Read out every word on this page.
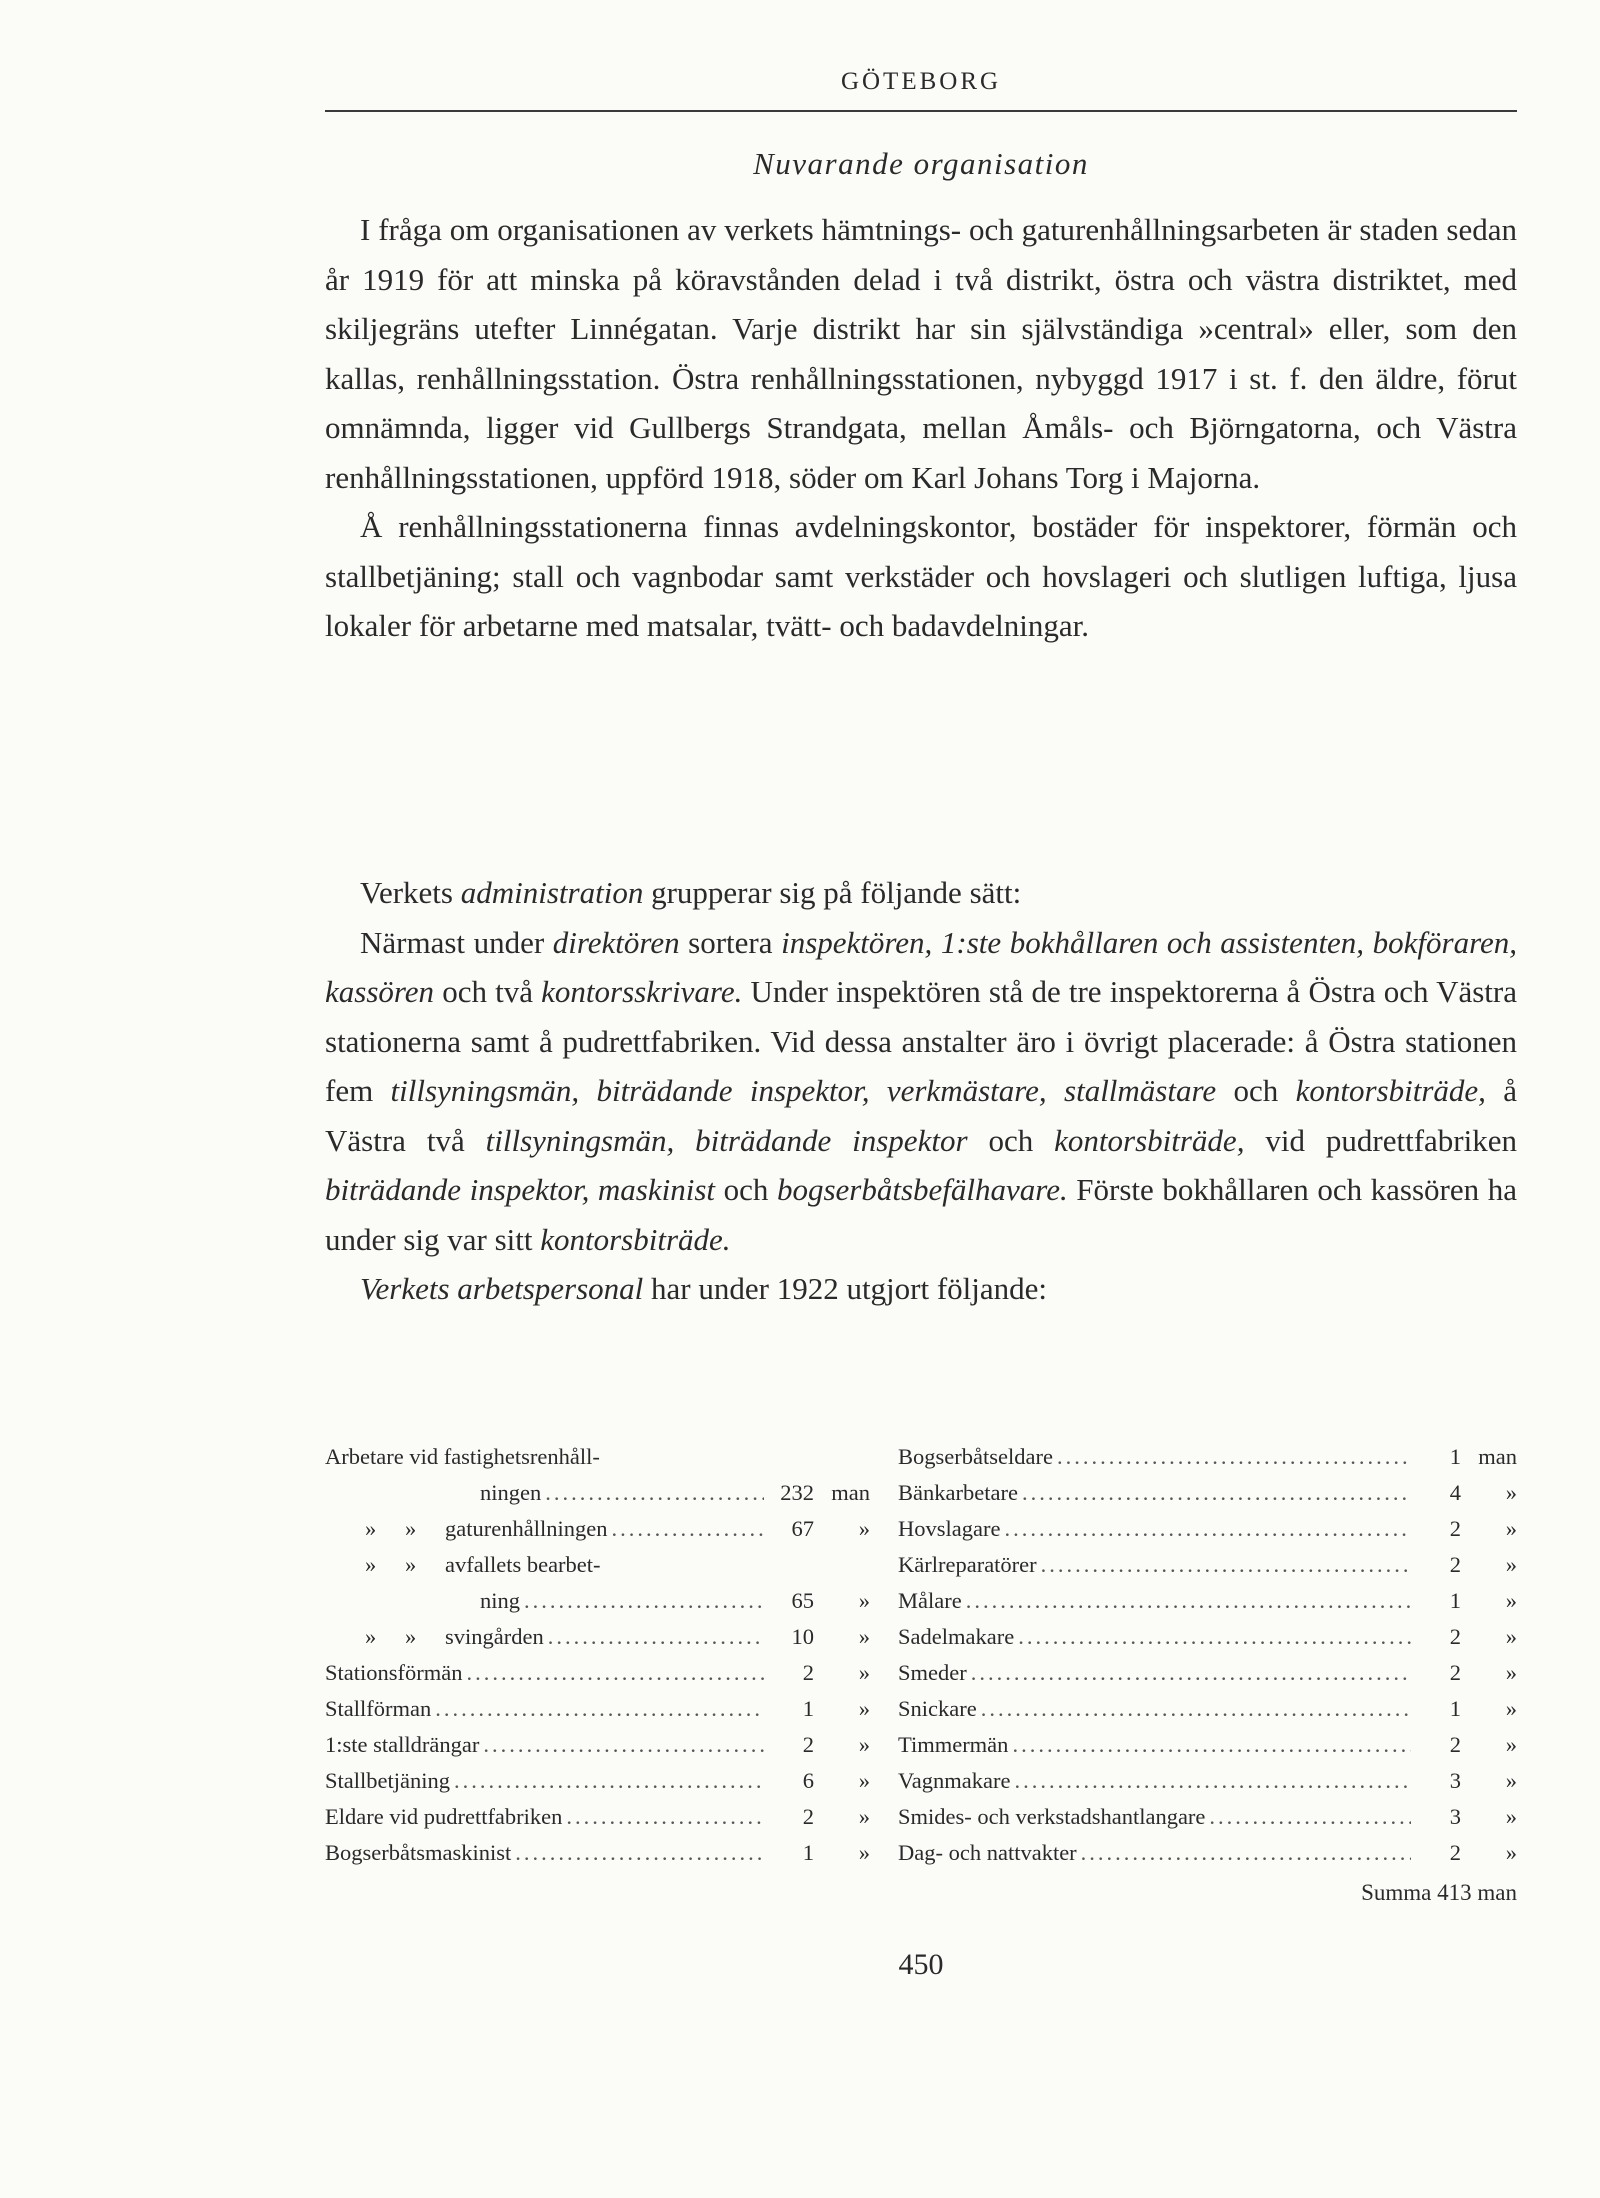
GÖTEBORG
Nuvarande organisation

I fråga om organisationen av verkets hämtnings- och gaturenhållningsarbeten är staden sedan år 1919 för att minska på köravstånden delad i två distrikt, östra och västra distriktet, med skiljegräns utefter Linnégatan. Varje distrikt har sin självständiga »central» eller, som den kallas, renhållningsstation. Östra renhållningsstationen, nybyggd 1917 i st. f. den äldre, förut omnämnda, ligger vid Gullbergs Strandgata, mellan Åmåls- och Björngatorna, och Västra renhållningsstationen, uppförd 1918, söder om Karl Johans Torg i Majorna.

Å renhållningsstationerna finnas avdelningskontor, bostäder för inspektorer, förmän och stallbetjäning; stall och vagnbodar samt verkstäder och hovslageri och slutligen luftiga, ljusa lokaler för arbetarne med matsalar, tvätt- och badavdelningar.

Verkets administration grupperar sig på följande sätt:

Närmast under direktören sortera inspektören, 1:ste bokhållaren och assistenten, bokföraren, kassören och två kontorsskrivare. Under inspektören stå de tre inspektorerna å Östra och Västra stationerna samt å pudrettfabriken. Vid dessa anstalter äro i övrigt placerade: å Östra stationen fem tillsyningsmän, biträdande inspektor, verkmästare, stallmästare och kontorsbiträde, å Västra två tillsyningsmän, biträdande inspektor och kontorsbiträde, vid pudrettfabriken biträdande inspektor, maskinist och bogserbåtsbefälhavare. Förste bokhållaren och kassören ha under sig var sitt kontorsbiträde.

Verkets arbetspersonal har under 1922 utgjort följande:

Arbetare vid fastighetsrenhåll-
ningen .....	232 man
» » gaturenhållningen .....	67	»
» » avfallets bearbet-
ning .....	65	»
» » svingården .....	10	»
Stationsförmän .....	2	»
Stallförman .....	1	»
1:ste stalldrängar .....	2	»
Stallbetjäning .....	6	»
Eldare vid pudrettfabriken .....	2	»
Bogserbåtsmaskinist .....	1	»
Bogserbåtseldare .....	1 man
Bänkarbetare .....	4	»
Hovslagare .....	2	»
Kärlreparatörer .....	2	»
Målare .....	1	»
Sadelmakare .....	2	»
Smeder .....	2	»
Snickare .....	1	»
Timmermän .....	2	»
Vagnmakare .....	3	»
Smides- och verkstadshantlangare .....	3	»
Dag- och nattvakter .....	2	»
Summa 413 man
450
